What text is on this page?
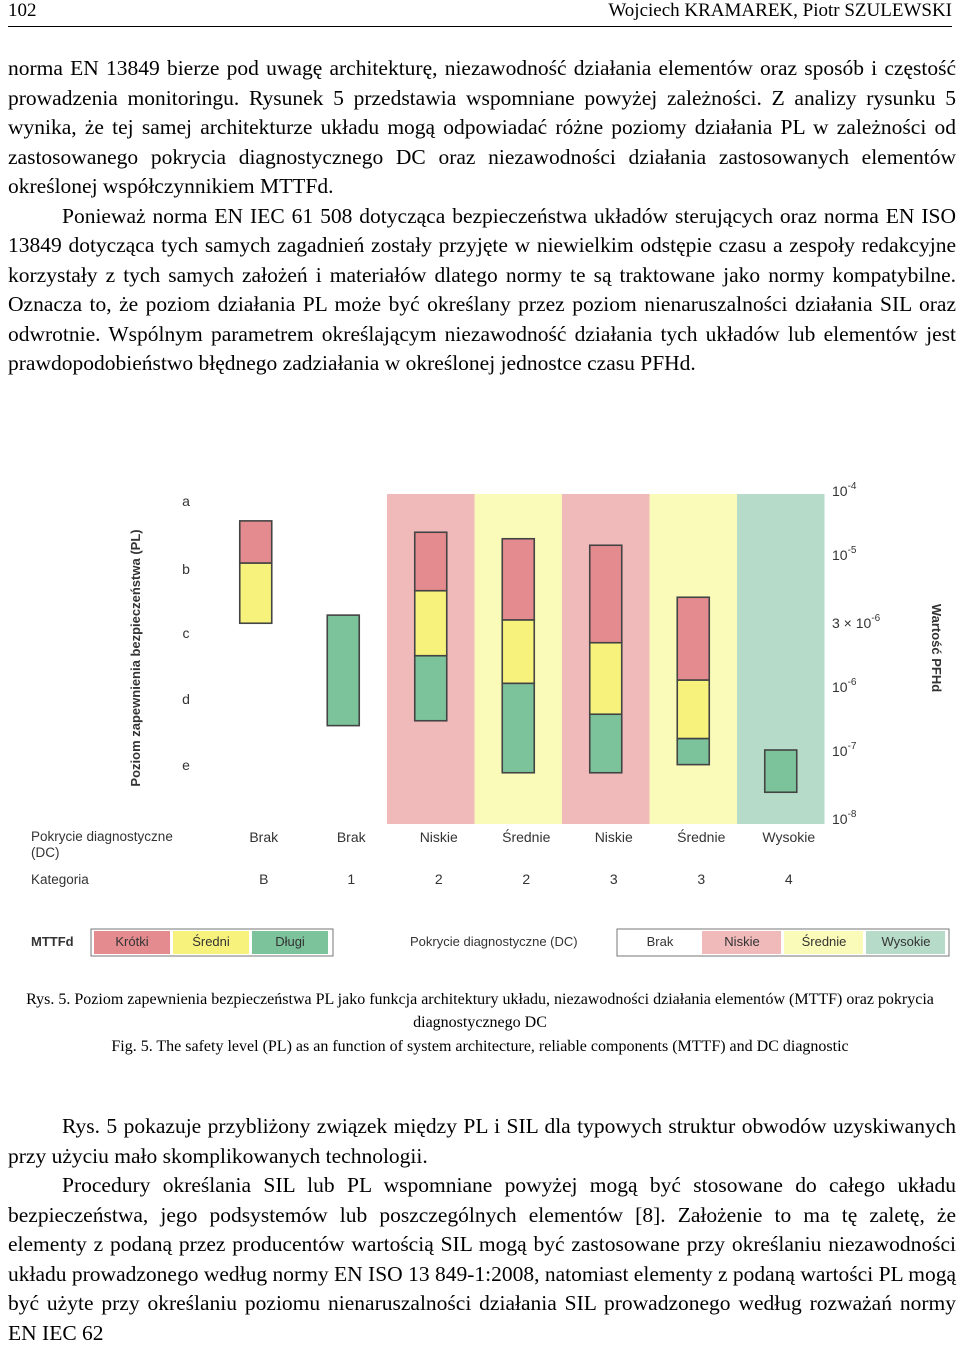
102	Wojciech KRAMAREK, Piotr SZULEWSKI

norma EN 13849 bierze pod uwagę architekturę, niezawodność działania elementów oraz sposób i częstość prowadzenia monitoringu. Rysunek 5 przedstawia wspomniane powyżej zależności. Z analizy rysunku 5 wynika, że tej samej architekturze układu mogą odpowiadać różne poziomy działania PL w zależności od zastosowanego pokrycia diagnostycznego DC oraz niezawodności działania zastosowanych elementów określonej współczynnikiem MTTFd.

Ponieważ norma EN IEC 61 508 dotycząca bezpieczeństwa układów sterujących oraz norma EN ISO 13849 dotycząca tych samych zagadnień zostały przyjęte w niewielkim odstępie czasu a zespoły redakcyjne korzystały z tych samych założeń i materiałów dlatego normy te są traktowane jako normy kompatybilne. Oznacza to, że poziom działania PL może być określany przez poziom nienaruszalności działania SIL oraz odwrotnie. Wspólnym parametrem określającym niezawodność działania tych układów lub elementów jest prawdopodobieństwo błędnego zadziałania w określonej jednostce czasu PFHd.

a
b
c
d
e
$10^{-4}$
$10^{-5}$
$3 \times 10^{-6}$
$10^{-6}$
$10^{-7}$
$10^{-8}$
Poziom zapewnienia bezpieczeństwa (PL)	Wartość PFHd
Pokrycie diagnostyczne (DC)
Kategoria
Brak	Brak	Niskie	Średnie	Niskie	Średnie	Wysokie
B	1	2	2	3	3	4
MTTFd	Krótki	Średni	Długi	Pokrycie diagnostyczne (DC)	Brak	Niskie	Średnie	Wysokie
Rys. 5. Poziom zapewnienia bezpieczeństwa PL jako funkcja architektury układu, niezawodności działania elementów (MTTF) oraz pokrycia diagnostycznego DC
Fig. 5. The safety level (PL) as an function of system architecture, reliable components (MTTF) and DC diagnostic

Rys. 5 pokazuje przybliżony związek między PL i SIL dla typowych struktur obwodów uzyskiwanych przy użyciu mało skomplikowanych technologii.

Procedury określania SIL lub PL wspomniane powyżej mogą być stosowane do całego układu bezpieczeństwa, jego podsystemów lub poszczególnych elementów [8]. Założenie to ma tę zaletę, że elementy z podaną przez producentów wartością SIL mogą być zastosowane przy określaniu niezawodności układu prowadzonego według normy EN ISO 13 849-1:2008, natomiast elementy z podaną wartości PL mogą być użyte przy określaniu poziomu nienaruszalności działania SIL prowadzonego według rozważań normy EN IEC 62
